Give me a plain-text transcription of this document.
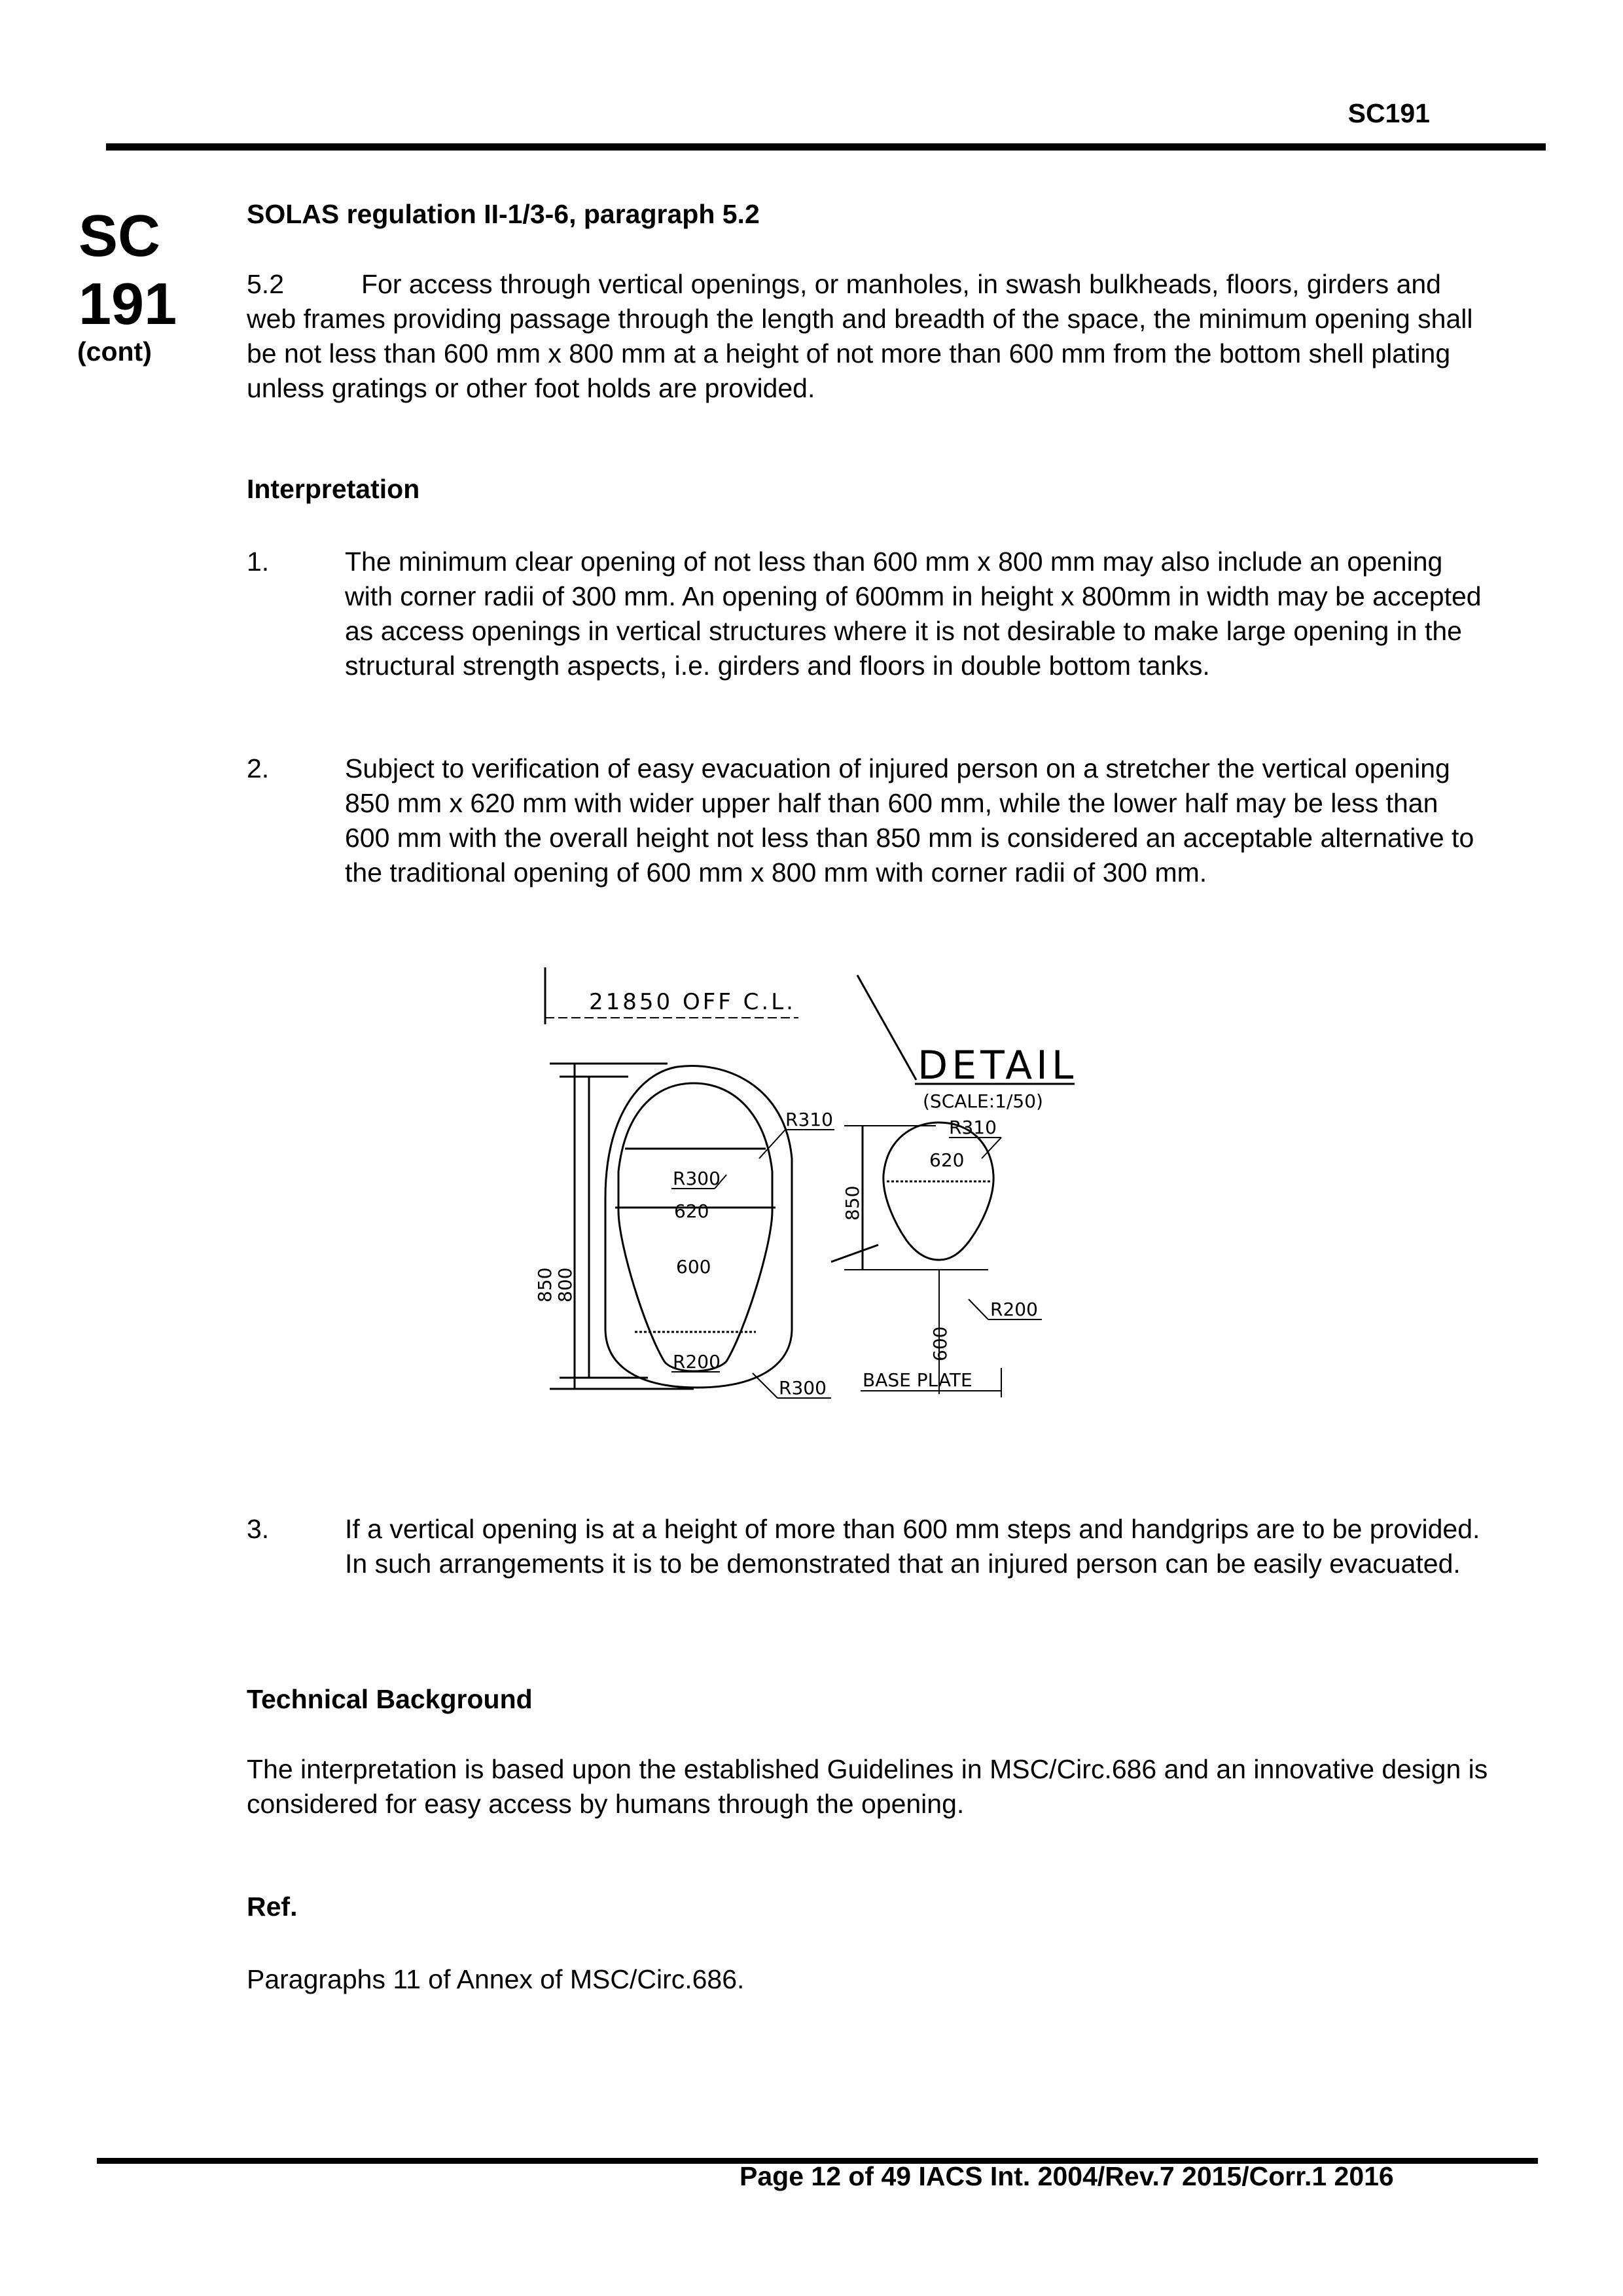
SC191
SC
191
(cont)
SOLAS regulation II-1/3-6, paragraph 5.2
5.2	For access through vertical openings, or manholes, in swash bulkheads, floors, girders and web frames providing passage through the length and breadth of the space, the minimum opening shall be not less than 600 mm x 800 mm at a height of not more than 600 mm from the bottom shell plating unless gratings or other foot holds are provided.
Interpretation
1.	The minimum clear opening of not less than 600 mm x 800 mm may also include an opening with corner radii of 300 mm. An opening of 600mm in height x 800mm in width may be accepted as access openings in vertical structures where it is not desirable to make large opening in the structural strength aspects, i.e. girders and floors in double bottom tanks.
2.	Subject to verification of easy evacuation of injured person on a stretcher the vertical opening 850 mm x 620 mm with wider upper half than 600 mm, while the lower half may be less than 600 mm with the overall height not less than 850 mm is considered an acceptable alternative to the traditional opening of 600 mm x 800 mm with corner radii of 300 mm.
21850 OFF C.L.
DETAIL
(SCALE:1/50)
850
800
R310
R300
620
600
R200
R300
R310
620
850
600
R200
BASE PLATE
3.	If a vertical opening is at a height of more than 600 mm steps and handgrips are to be provided. In such arrangements it is to be demonstrated that an injured person can be easily evacuated.
Technical Background
The interpretation is based upon the established Guidelines in MSC/Circ.686 and an innovative design is considered for easy access by humans through the opening.
Ref.
Paragraphs 11 of Annex of MSC/Circ.686.
Page 12 of 49 IACS Int. 2004/Rev.7 2015/Corr.1 2016
